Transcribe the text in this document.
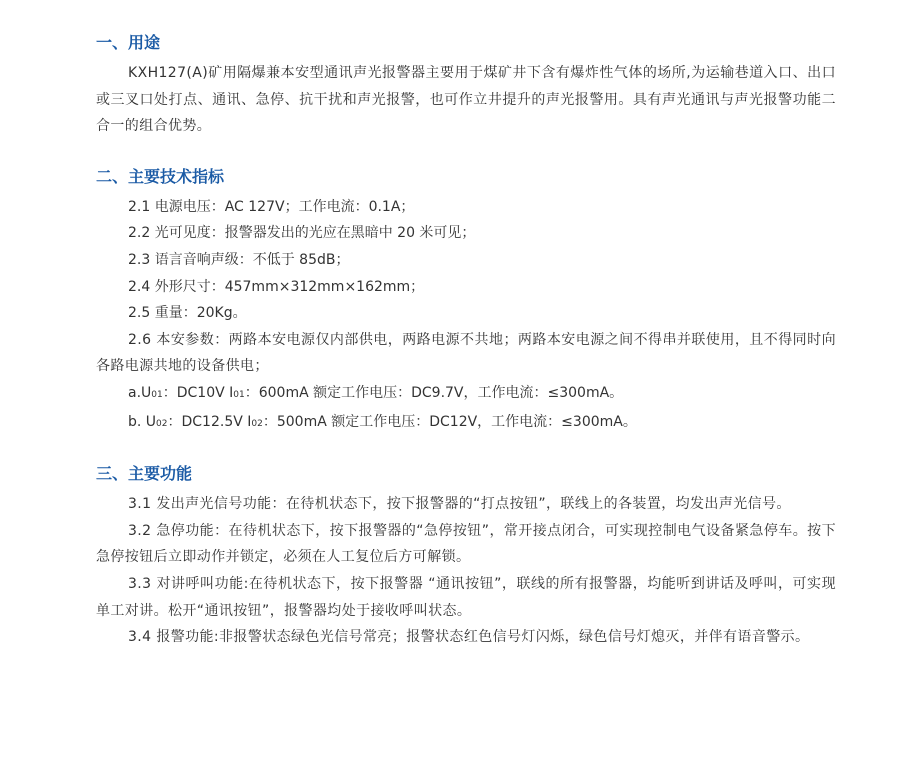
一、用途

KXH127(A)矿用隔爆兼本安型通讯声光报警器主要用于煤矿井下含有爆炸性气体的场所,为运输巷道入口、出口或三叉口处打点、通讯、急停、抗干扰和声光报警，也可作立井提升的声光报警用。具有声光通讯与声光报警功能二合一的组合优势。

二、主要技术指标

2.1 电源电压：AC 127V；工作电流：0.1A；

2.2 光可见度：报警器发出的光应在黑暗中 20 米可见；

2.3 语言音响声级：不低于 85dB；

2.4 外形尺寸：457mm×312mm×162mm；

2.5 重量：20Kg。

2.6 本安参数：两路本安电源仅内部供电，两路电源不共地；两路本安电源之间不得串并联使用，且不得同时向各路电源共地的设备供电；

a.U01：DC10V I01：600mA 额定工作电压：DC9.7V，工作电流：≤300mA。

b. U02：DC12.5V I02：500mA 额定工作电压：DC12V，工作电流：≤300mA。

三、主要功能

3.1 发出声光信号功能：在待机状态下，按下报警器的“打点按钮”，联线上的各装置，均发出声光信号。

3.2 急停功能：在待机状态下，按下报警器的“急停按钮”，常开接点闭合，可实现控制电气设备紧急停车。按下急停按钮后立即动作并锁定，必须在人工复位后方可解锁。

3.3 对讲呼叫功能:在待机状态下，按下报警器 “通讯按钮”，联线的所有报警器，均能听到讲话及呼叫，可实现单工对讲。松开“通讯按钮”，报警器均处于接收呼叫状态。

3.4 报警功能:非报警状态绿色光信号常亮；报警状态红色信号灯闪烁，绿色信号灯熄灭，并伴有语音警示。
